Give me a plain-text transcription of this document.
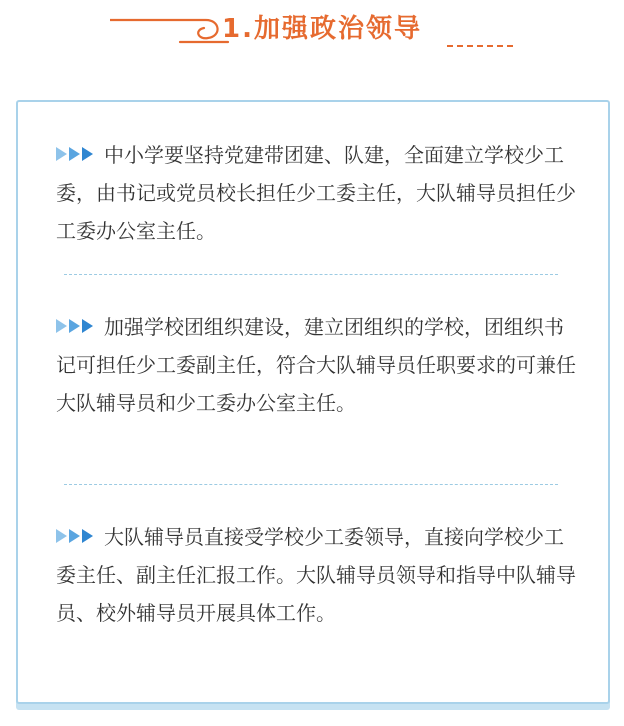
1.加强政治领导
中小学要坚持党建带团建、队建，全面建立学校少工委，由书记或党员校长担任少工委主任，大队辅导员担任少工委办公室主任。
加强学校团组织建设，建立团组织的学校，团组织书记可担任少工委副主任，符合大队辅导员任职要求的可兼任大队辅导员和少工委办公室主任。
大队辅导员直接受学校少工委领导，直接向学校少工委主任、副主任汇报工作。大队辅导员领导和指导中队辅导员、校外辅导员开展具体工作。
